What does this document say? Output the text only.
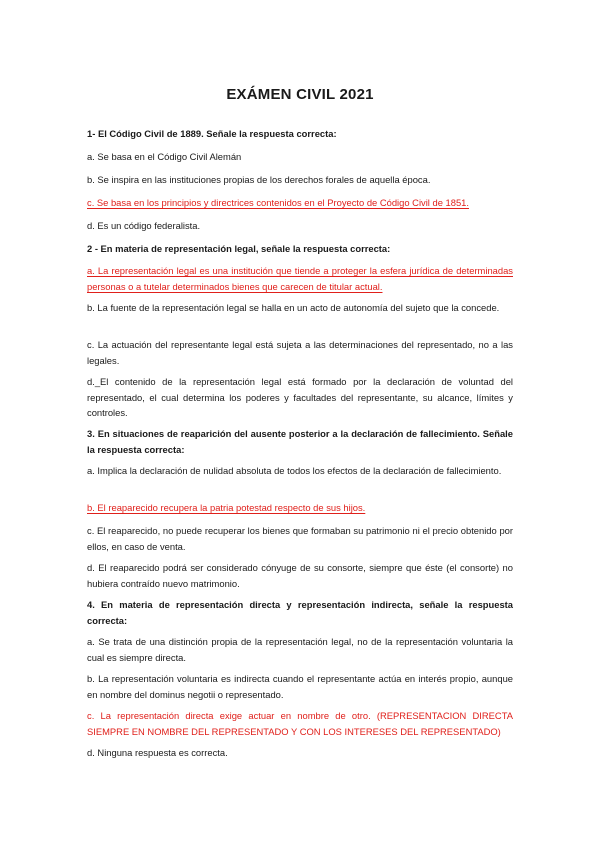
EXÁMEN CIVIL 2021

1- El Código Civil de 1889. Señale la respuesta correcta:

a. Se basa en el Código Civil Alemán

b. Se inspira en las instituciones propias de los derechos forales de aquella época.

c. Se basa en los principios y directrices contenidos en el Proyecto de Código Civil de 1851.

d. Es un código federalista.

2 - En materia de representación legal, señale la respuesta correcta:

a. La representación legal es una institución que tiende a proteger la esfera jurídica de determinadas personas o a tutelar determinados bienes que carecen de titular actual.

b. La fuente de la representación legal se halla en un acto de autonomía del sujeto que la concede.

c. La actuación del representante legal está sujeta a las determinaciones del representado, no a las legales.

d._El contenido de la representación legal está formado por la declaración de voluntad del representado, el cual determina los poderes y facultades del representante, su alcance, límites y controles.

3. En situaciones de reaparición del ausente posterior a la declaración de fallecimiento. Señale la respuesta correcta:

a. Implica la declaración de nulidad absoluta de todos los efectos de la declaración de fallecimiento.

b. El reaparecido recupera la patria potestad respecto de sus hijos.

c. El reaparecido, no puede recuperar los bienes que formaban su patrimonio ni el precio obtenido por ellos, en caso de venta.

d. El reaparecido podrá ser considerado cónyuge de su consorte, siempre que éste (el consorte) no hubiera contraído nuevo matrimonio.

4. En materia de representación directa y representación indirecta, señale la respuesta correcta:

a. Se trata de una distinción propia de la representación legal, no de la representación voluntaria la cual es siempre directa.

b. La representación voluntaria es indirecta cuando el representante actúa en interés propio, aunque en nombre del dominus negotii o representado.

c. La representación directa exige actuar en nombre de otro. (REPRESENTACION DIRECTA SIEMPRE EN NOMBRE DEL REPRESENTADO Y CON LOS INTERESES DEL REPRESENTADO)

d. Ninguna respuesta es correcta.
